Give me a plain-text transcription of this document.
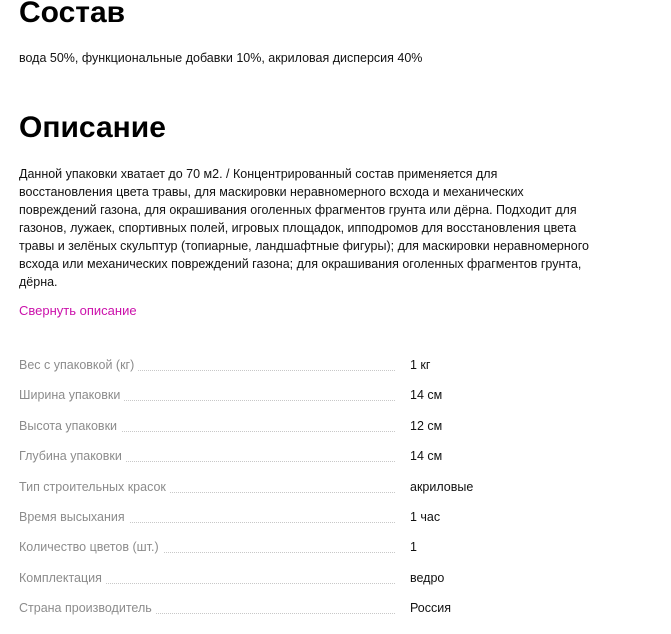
Состав
вода 50%, функциональные добавки 10%, акриловая дисперсия 40%
Описание
Данной упаковки хватает до 70 м2. / Концентрированный состав применяется для
восстановления цвета травы, для маскировки неравномерного всхода и механических
повреждений газона, для окрашивания оголенных фрагментов грунта или дёрна. Подходит для
газонов, лужаек, спортивных полей, игровых площадок, ипподромов для восстановления цвета
травы и зелёных скульптур (топиарные, ландшафтные фигуры); для маскировки неравномерного
всхода или механических повреждений газона; для окрашивания оголенных фрагментов грунта,
дёрна.
Свернуть описание
Вес с упаковкой (кг)	1 кг
Ширина упаковки	14 см
Высота упаковки	12 см
Глубина упаковки	14 см
Тип строительных красок	акриловые
Время высыхания	1 час
Количество цветов (шт.)	1
Комплектация	ведро
Страна производитель	Россия
